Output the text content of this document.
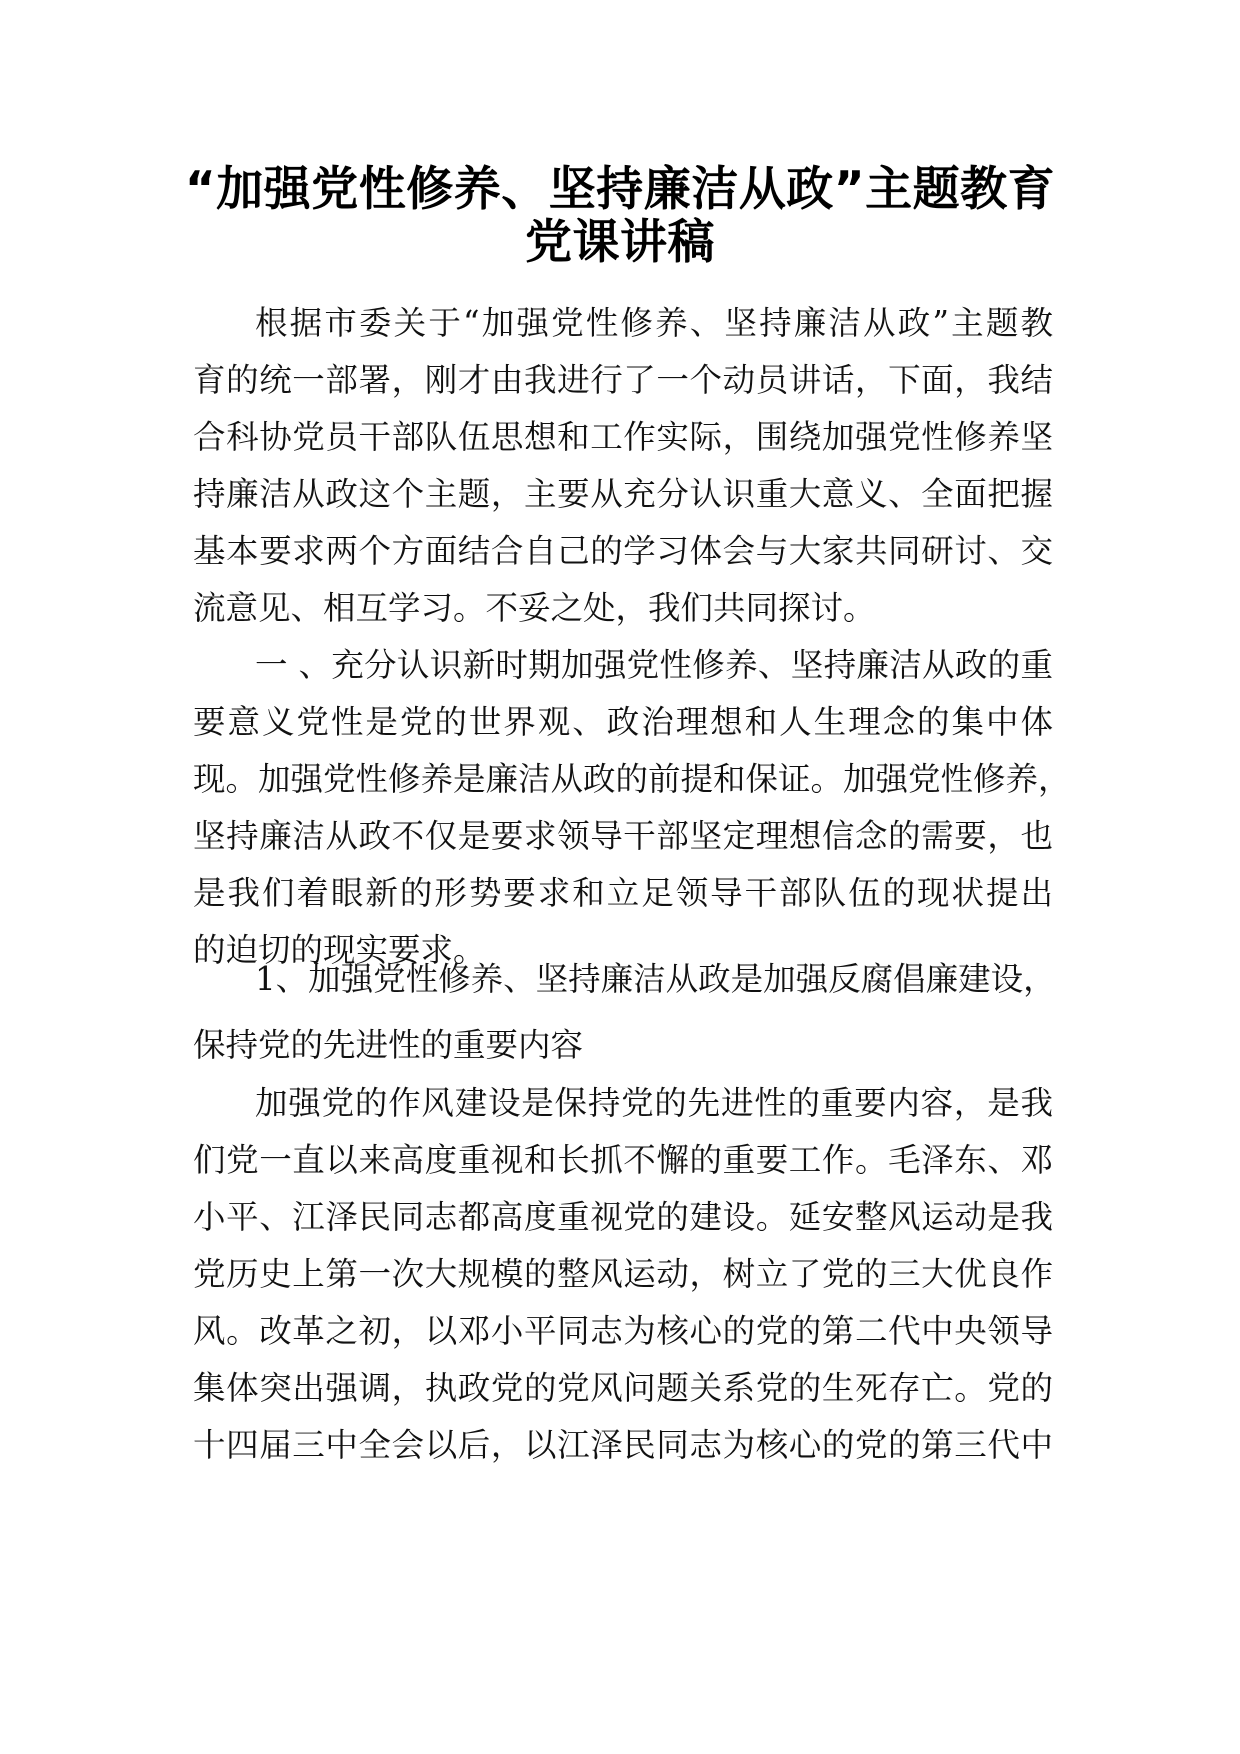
“加强党性修养、坚持廉洁从政”主题教育
党课讲稿
根据市委关于“加强党性修养、坚持廉洁从政”主题教
育的统一部署，刚才由我进行了一个动员讲话，下面，我结
合科协党员干部队伍思想和工作实际，围绕加强党性修养坚
持廉洁从政这个主题，主要从充分认识重大意义、全面把握
基本要求两个方面结合自己的学习体会与大家共同研讨、交
流意见、相互学习。不妥之处，我们共同探讨。
一 、充分认识新时期加强党性修养、坚持廉洁从政的重
要意义党性是党的世界观、政治理想和人生理念的集中体
现。加强党性修养是廉洁从政的前提和保证。加强党性修养，
坚持廉洁从政不仅是要求领导干部坚定理想信念的需要，也
是我们着眼新的形势要求和立足领导干部队伍的现状提出
的迫切的现实要求。
1、加强党性修养、坚持廉洁从政是加强反腐倡廉建设，
保持党的先进性的重要内容
加强党的作风建设是保持党的先进性的重要内容，是我
们党一直以来高度重视和长抓不懈的重要工作。毛泽东、邓
小平、江泽民同志都高度重视党的建设。延安整风运动是我
党历史上第一次大规模的整风运动，树立了党的三大优良作
风。改革之初，以邓小平同志为核心的党的第二代中央领导
集体突出强调，执政党的党风问题关系党的生死存亡。党的
十四届三中全会以后，以江泽民同志为核心的党的第三代中
